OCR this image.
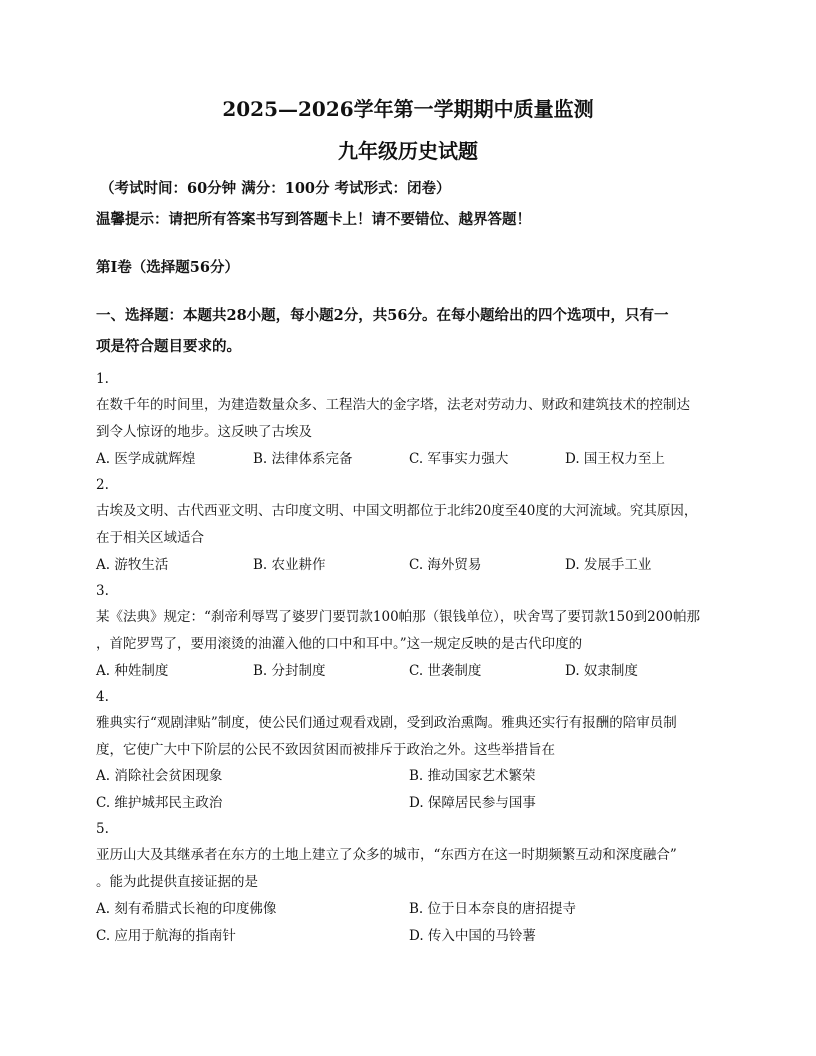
2025—2026学年第一学期期中质量监测
九年级历史试题
（考试时间：60分钟 满分：100分 考试形式：闭卷）
温馨提示：请把所有答案书写到答题卡上！请不要错位、越界答题！
第Ⅰ卷（选择题56分）
一、选择题：本题共28小题，每小题2分，共56分。在每小题给出的四个选项中，只有一
项是符合题目要求的。
1.
在数千年的时间里，为建造数量众多、工程浩大的金字塔，法老对劳动力、财政和建筑技术的控制达
到令人惊讶的地步。这反映了古埃及
A. 医学成就辉煌	B. 法律体系完备	C. 军事实力强大	D. 国王权力至上
2.
古埃及文明、古代西亚文明、古印度文明、中国文明都位于北纬20度至40度的大河流域。究其原因，
在于相关区域适合
A. 游牧生活	B. 农业耕作	C. 海外贸易	D. 发展手工业
3.
某《法典》规定：“刹帝利辱骂了婆罗门要罚款100帕那（银钱单位），吠舍骂了要罚款150到200帕那
，首陀罗骂了，要用滚烫的油灌入他的口中和耳中。”这一规定反映的是古代印度的
A. 种姓制度	B. 分封制度	C. 世袭制度	D. 奴隶制度
4.
雅典实行“观剧津贴”制度，使公民们通过观看戏剧，受到政治熏陶。雅典还实行有报酬的陪审员制
度，它使广大中下阶层的公民不致因贫困而被排斥于政治之外。这些举措旨在
A. 消除社会贫困现象	B. 推动国家艺术繁荣
C. 维护城邦民主政治	D. 保障居民参与国事
5.
亚历山大及其继承者在东方的土地上建立了众多的城市，“东西方在这一时期频繁互动和深度融合”
。能为此提供直接证据的是
A. 刻有希腊式长袍的印度佛像	B. 位于日本奈良的唐招提寺
C. 应用于航海的指南针	D. 传入中国的马铃薯
